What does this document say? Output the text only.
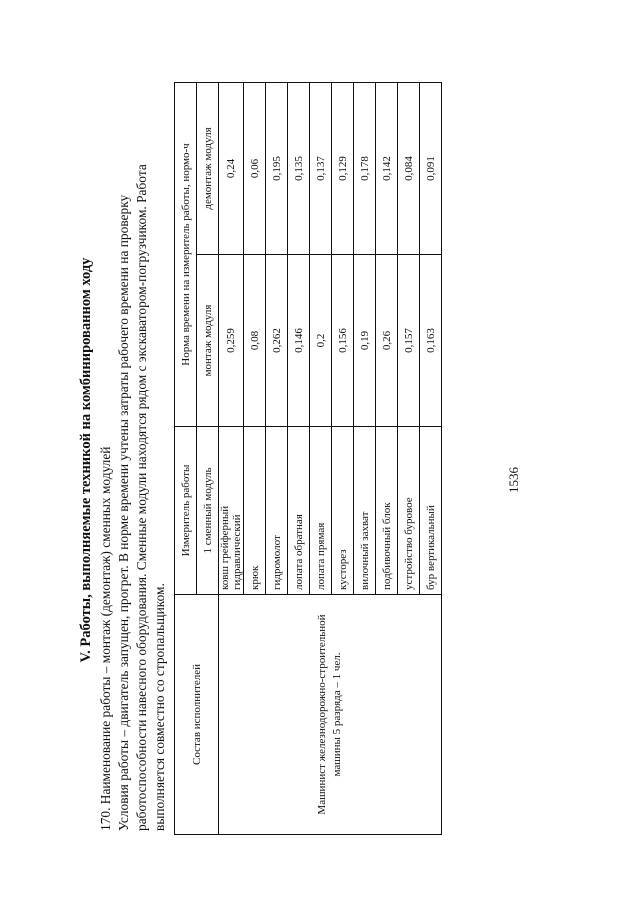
1536
V. Работы, выполняемые техникой на комбинированном ходу 170. Наименование работы – монтаж (демонтаж) сменных модулей Условия работы – двигатель запущен, прогрет. В норме времени учтены затраты рабочего времени на проверку работоспособности навесного оборудования. Сменные модули находятся рядом с экскаватором-погрузчиком. Работа выполняется совместно со стропальщиком. Состав исполнителей	Измеритель работы	Норма времени на измеритель работы, нормо-ч	
	1 сменный модуль	монтаж модуля	демонтаж модуля
Машинист железнодорожно-строительной машины 5 разряда – 1 чел.	ковш грейферный гидравлический	0,259	0,24
	крюк	0,08	0,06
	гидромолот	0,262	0,195
	лопата обратная	0,146	0,135
	лопата прямая	0,2	0,137
	кусторез	0,156	0,129
	вилочный захват	0,19	0,178
	подбивочный блок	0,26	0,142
	устройство буровое	0,157	0,084
	бур вертикальный	0,163	0,091
